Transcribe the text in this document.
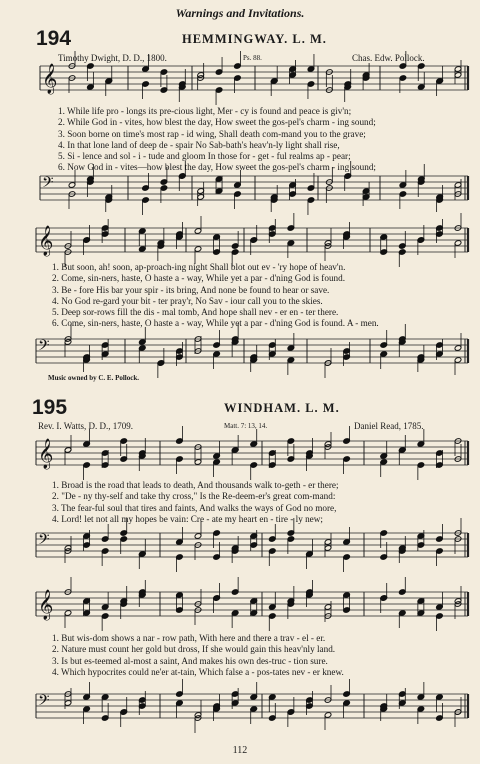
𝄞
𝄢
𝄞
𝄢
𝄞
𝄢
𝄞
𝄢
Warnings and Invitations.
194	HEMMINGWAY. L. M.
Timothy Dwight, D. D., 1800.	Ps. 88.	Chas. Edw. Pollock.
1. While life pro - longs its pre-cious light, Mer - cy is found and peace is giv'n;
2. While God in - vites, how blest the day, How sweet the gos-pel's charm - ing sound;
3. Soon borne on time's most rap - id wing, Shall death com-mand you to the grave;
4. In that lone land of deep de - spair No Sab-bath's heav'n-ly light shall rise,
5. Si - lence and sol - i - tude and gloom In those for - get - ful realms ap - pear;
6. Now God in - vites—how blest the day, How sweet the gos-pel's charm - ing sound;
1. But soon, ah! soon, ap-proach-ing night Shall blot out ev - 'ry hope of heav'n.
2. Come, sin-ners, haste, O haste a - way, While yet a par - d'ning God is found.
3. Be - fore His bar your spir - its bring, And none be found to hear or save.
4. No God re-gard your bit - ter pray'r, No Sav - iour call you to the skies.
5. Deep sor-rows fill the dis - mal tomb, And hope shall nev - er en - ter there.
6. Come, sin-ners, haste, O haste a - way, While yet a par - d'ning God is found. A - men.
Music owned by C. E. Pollock.
195	WINDHAM. L. M.
Rev. I. Watts, D. D., 1709.	Matt. 7: 13, 14.	Daniel Read, 1785.
1. Broad is the road that leads to death, And thousands walk to-geth - er there;
2. "De - ny thy-self and take thy cross," Is the Re-deem-er's great com-mand:
3. The fear-ful soul that tires and faints, And walks the ways of God no more,
4. Lord! let not all my hopes be vain: Cre - ate my heart en - tire - ly new;
1. But wis-dom shows a nar - row path, With here and there a trav - el - er.
2. Nature must count her gold but dross, If she would gain this heav'nly land.
3. Is but es-teemed al-most a saint, And makes his own des-truc - tion sure.
4. Which hypocrites could ne'er at-tain, Which false a - pos-tates nev - er knew.
112
